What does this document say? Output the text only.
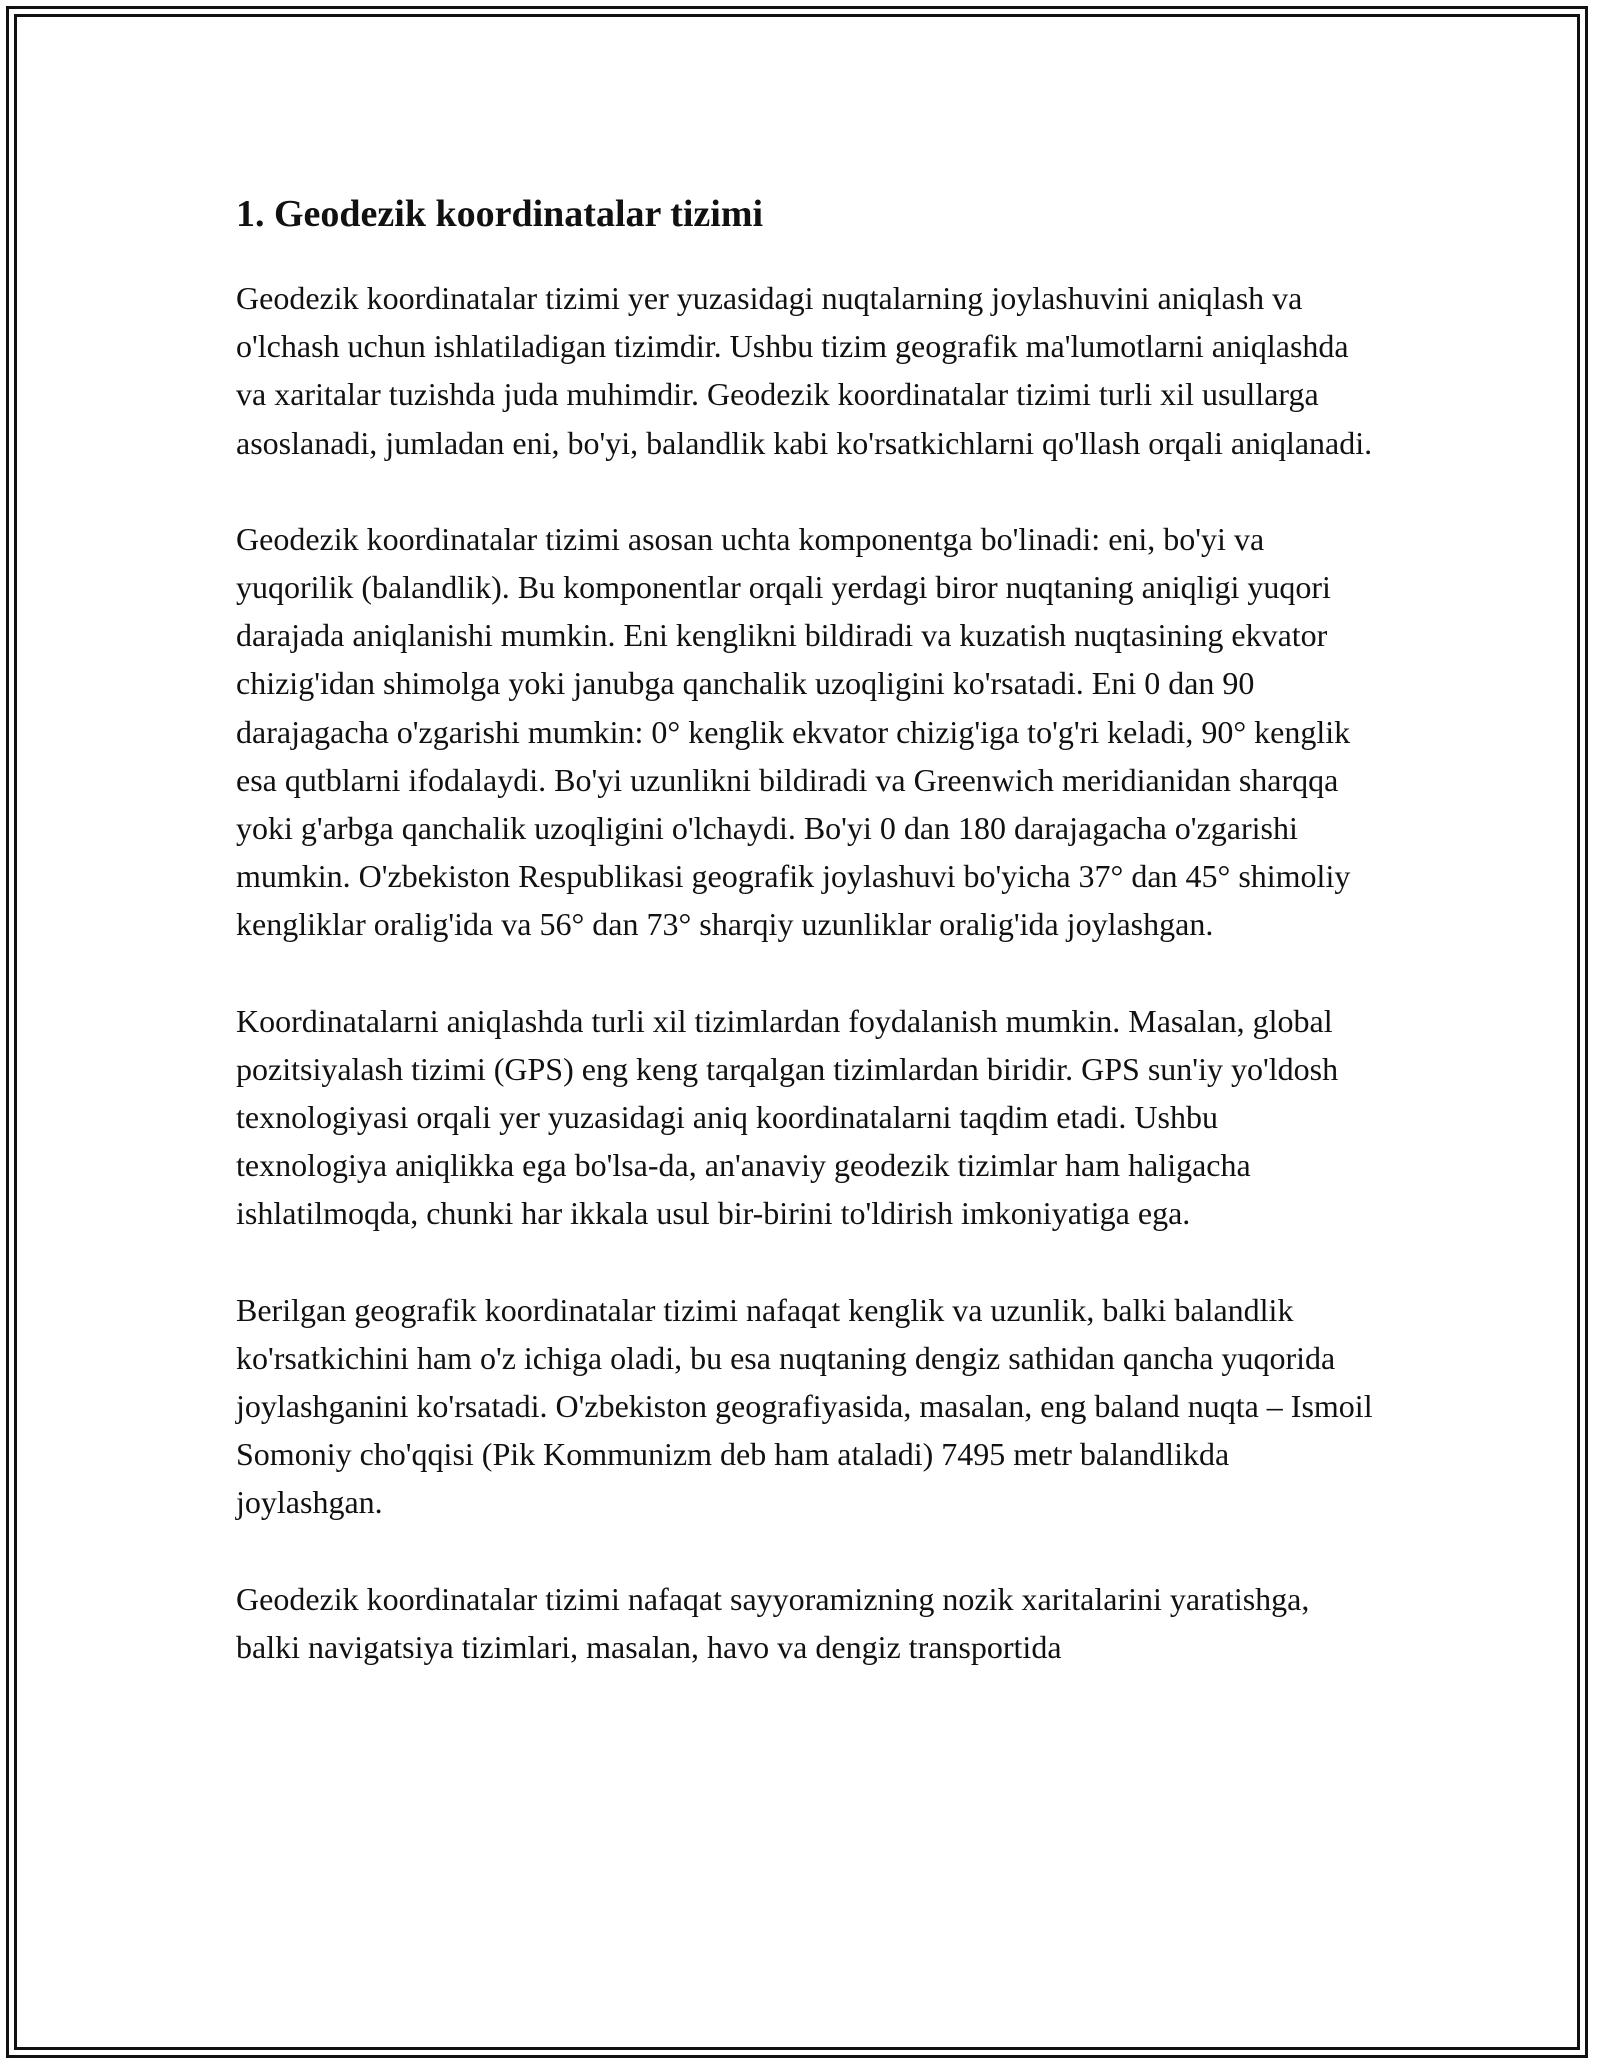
1. Geodezik koordinatalar tizimi

Geodezik koordinatalar tizimi yer yuzasidagi nuqtalarning joylashuvini aniqlash va o'lchash uchun ishlatiladigan tizimdir. Ushbu tizim geografik ma'lumotlarni aniqlashda va xaritalar tuzishda juda muhimdir. Geodezik koordinatalar tizimi turli xil usullarga asoslanadi, jumladan eni, bo'yi, balandlik kabi ko'rsatkichlarni qo'llash orqali aniqlanadi.

Geodezik koordinatalar tizimi asosan uchta komponentga bo'linadi: eni, bo'yi va yuqorilik (balandlik). Bu komponentlar orqali yerdagi biror nuqtaning aniqligi yuqori darajada aniqlanishi mumkin. Eni kenglikni bildiradi va kuzatish nuqtasining ekvator chizig'idan shimolga yoki janubga qanchalik uzoqligini ko'rsatadi. Eni 0 dan 90 darajagacha o'zgarishi mumkin: 0° kenglik ekvator chizig'iga to'g'ri keladi, 90° kenglik esa qutblarni ifodalaydi. Bo'yi uzunlikni bildiradi va Greenwich meridianidan sharqqa yoki g'arbga qanchalik uzoqligini o'lchaydi. Bo'yi 0 dan 180 darajagacha o'zgarishi mumkin. O'zbekiston Respublikasi geografik joylashuvi bo'yicha 37° dan 45° shimoliy kengliklar oralig'ida va 56° dan 73° sharqiy uzunliklar oralig'ida joylashgan.

Koordinatalarni aniqlashda turli xil tizimlardan foydalanish mumkin. Masalan, global pozitsiyalash tizimi (GPS) eng keng tarqalgan tizimlardan biridir. GPS sun'iy yo'ldosh texnologiyasi orqali yer yuzasidagi aniq koordinatalarni taqdim etadi. Ushbu texnologiya aniqlikka ega bo'lsa-da, an'anaviy geodezik tizimlar ham haligacha ishlatilmoqda, chunki har ikkala usul bir-birini to'ldirish imkoniyatiga ega.

Berilgan geografik koordinatalar tizimi nafaqat kenglik va uzunlik, balki balandlik ko'rsatkichini ham o'z ichiga oladi, bu esa nuqtaning dengiz sathidan qancha yuqorida joylashganini ko'rsatadi. O'zbekiston geografiyasida, masalan, eng baland nuqta – Ismoil Somoniy cho'qqisi (Pik Kommunizm deb ham ataladi) 7495 metr balandlikda joylashgan.

Geodezik koordinatalar tizimi nafaqat sayyoramizning nozik xaritalarini yaratishga, balki navigatsiya tizimlari, masalan, havo va dengiz transportida
